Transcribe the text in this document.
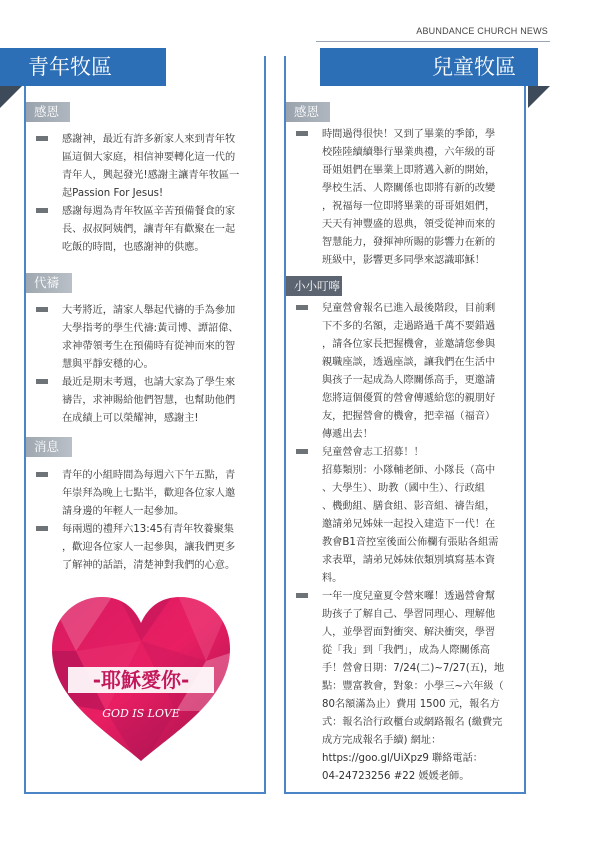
ABUNDANCE CHURCH NEWS
青年牧區	兒童牧區
感恩
感謝神，最近有許多新家人來到青年牧
區這個大家庭，相信神要轉化這一代的
青年人，興起發光!感謝主讓青年牧區一
起Passion For Jesus!
感謝每週為青年牧區辛苦預備餐食的家
長、叔叔阿姨們，讓青年有歡聚在一起
吃飯的時間，也感謝神的供應。
代禱
大考將近，請家人舉起代禱的手為參加
大學指考的學生代禱:黃司博、譚詔偉、
求神帶領考生在預備時有從神而來的智
慧與平靜安穩的心。
最近是期末考週，也請大家為了學生來
禱告，求神賜給他們智慧，也幫助他們
在成績上可以榮耀神，感謝主!
消息
青年的小組時間為每週六下午五點，青
年崇拜為晚上七點半，歡迎各位家人邀
請身邊的年輕人一起參加。
每兩週的禮拜六13:45有青年牧養聚集
，歡迎各位家人一起參與，讓我們更多
了解神的話語，清楚神對我們的心意。
-耶穌愛你-
GOD IS LOVE
感恩
時間過得很快！又到了畢業的季節，學
校陸陸續續舉行畢業典禮，六年級的哥
哥姐姐們在畢業上即將邁入新的開始，
學校生活、人際關係也即將有新的改變
，祝福每一位即將畢業的哥哥姐姐們，
天天有神豐盛的恩典，領受從神而來的
智慧能力，發揮神所賜的影響力在新的
班級中，影響更多同學來認識耶穌！
小小叮嚀
兒童營會報名已進入最後階段，目前剩
下不多的名額，走過路過千萬不要錯過
，請各位家長把握機會，並邀請您參與
親職座談，透過座談，讓我們在生活中
與孩子一起成為人際關係高手，更邀請
您將這個優質的營會傳遞給您的親朋好
友，把握營會的機會，把幸福（福音）
傳遞出去！
兒童營會志工招募！！
招募類別：小隊輔老師、小隊長（高中
、大學生）、助教（國中生）、行政組
、機動組、膳食組、影音組、禱告組，
邀請弟兄姊妹一起投入建造下一代！在
教會B1音控室後面公佈欄有張貼各組需
求表單，請弟兄姊妹依類別填寫基本資
料。
一年一度兒童夏令營來囉！透過營會幫
助孩子了解自己、學習同理心、理解他
人，並學習面對衝突、解決衝突，學習
從「我」到「我們」，成為人際關係高
手！營會日期：7/24(二)~7/27(五)，地
點：豐富教會，對象：小學三~六年級（
80名額滿為止）費用 1500 元，報名方
式：報名洽行政櫃台或網路報名 (繳費完
成方完成報名手續) 網址：
https://goo.gl/UiXpz9 聯絡電話：
04-24723256 #22 媛媛老師。
